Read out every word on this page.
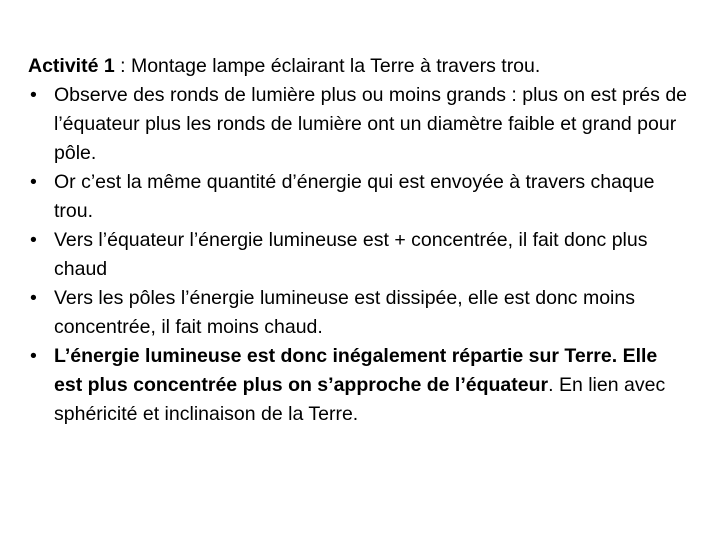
Activité 1 : Montage lampe éclairant la Terre à travers trou.

• Observe des ronds de lumière plus ou moins grands : plus on est prés de l’équateur plus les ronds de lumière ont un diamètre faible et grand pour pôle.
• Or c’est la même quantité d’énergie qui est envoyée à travers chaque trou.
• Vers l’équateur l’énergie lumineuse est + concentrée, il fait donc plus chaud
• Vers les pôles l’énergie lumineuse est dissipée, elle est donc moins concentrée, il fait moins chaud.
• L’énergie lumineuse est donc inégalement répartie sur Terre. Elle est plus concentrée plus on s’approche de l’équateur. En lien avec sphéricité et inclinaison de la Terre.
